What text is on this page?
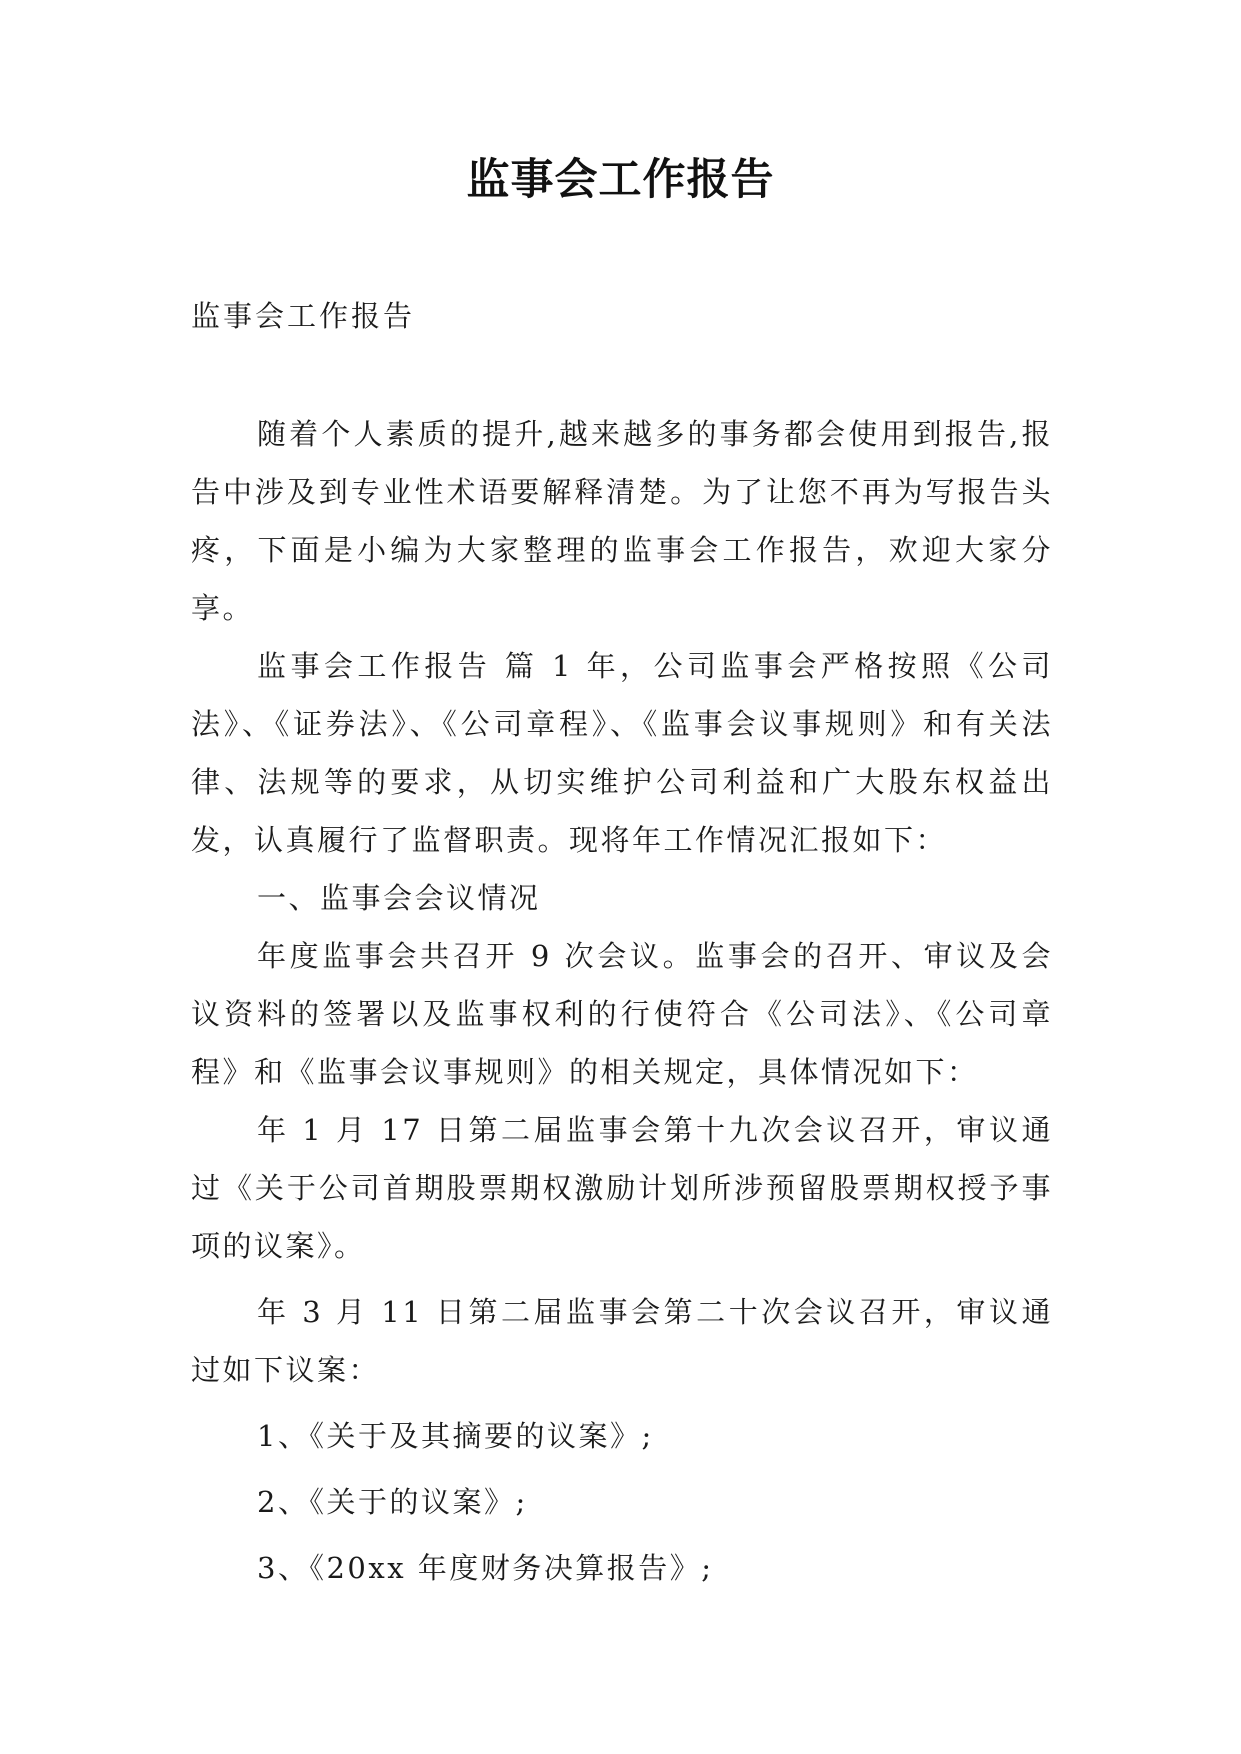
监事会工作报告

监事会工作报告

随着个人素质的提升,越来越多的事务都会使用到报告,报告中涉及到专业性术语要解释清楚。为了让您不再为写报告头疼，下面是小编为大家整理的监事会工作报告，欢迎大家分享。

监事会工作报告 篇 1 年，公司监事会严格按照《公司法》、《证券法》、《公司章程》、《监事会议事规则》和有关法律、法规等的要求，从切实维护公司利益和广大股东权益出发，认真履行了监督职责。现将年工作情况汇报如下：

一、监事会会议情况

年度监事会共召开 9 次会议。监事会的召开、审议及会议资料的签署以及监事权利的行使符合《公司法》、《公司章程》和《监事会议事规则》的相关规定，具体情况如下：

年 1 月 17 日第二届监事会第十九次会议召开，审议通过《关于公司首期股票期权激励计划所涉预留股票期权授予事项的议案》。

年 3 月 11 日第二届监事会第二十次会议召开，审议通过如下议案：

1、《关于及其摘要的议案》;

2、《关于的议案》;

3、《20xx 年度财务决算报告》;
